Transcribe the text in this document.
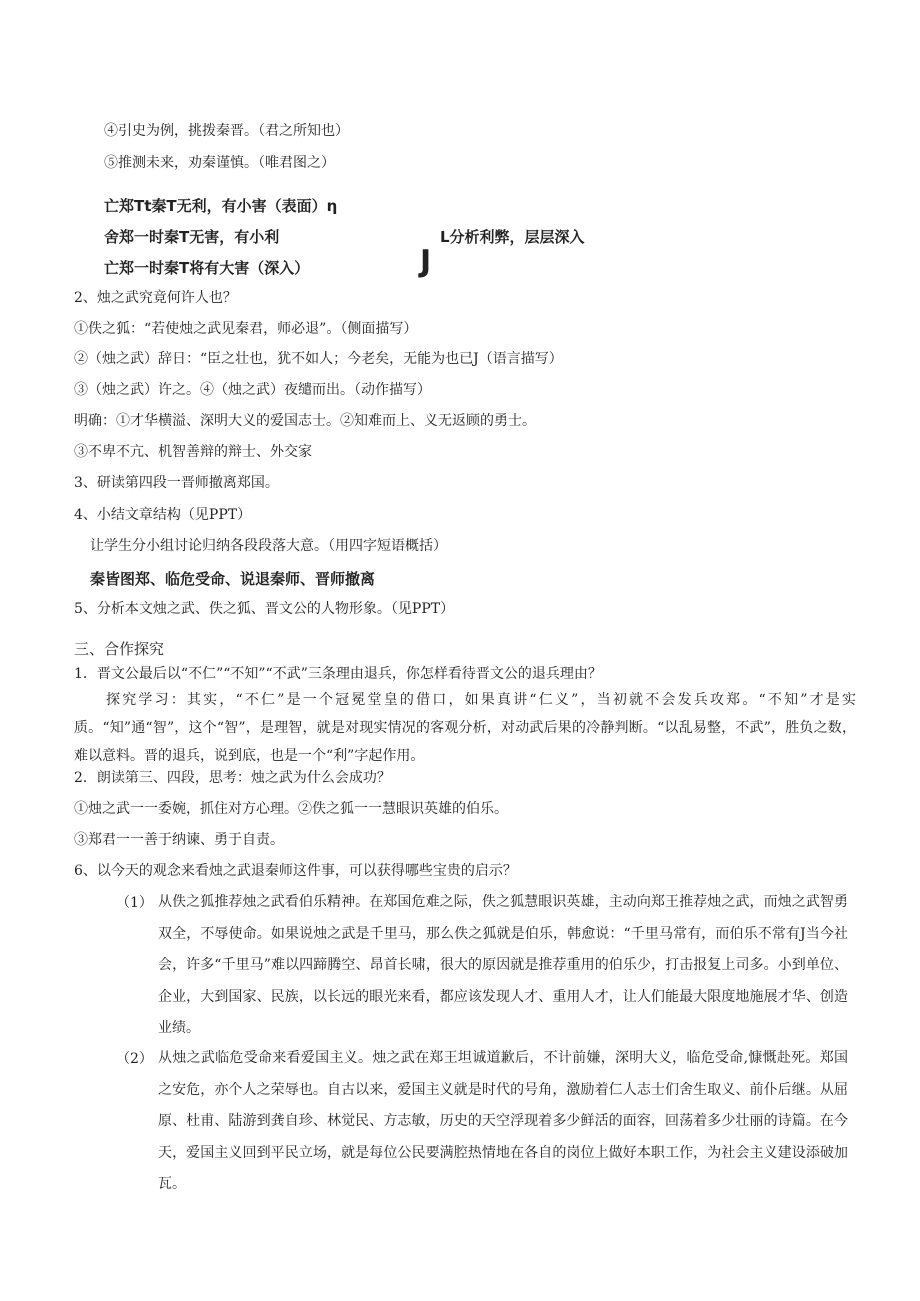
④引史为例，挑拨秦晋。（君之所知也）
⑤推测未来，劝秦谨慎。（唯君图之）
亡郑Tt秦T无利，有小害（表面）η
舍郑一时秦T无害，有小利	L分析利弊，层层深入
亡郑一时秦T将有大害（深入）	J
2、烛之武究竟何许人也？
①佚之狐：“若使烛之武见秦君，师必退”。（侧面描写）
②（烛之武）辞日：“臣之壮也，犹不如人；今老矣，无能为也已J（语言描写）
③（烛之武）许之。④（烛之武）夜缱而出。（动作描写）
明确：①才华横溢、深明大义的爱国志士。②知难而上、义无返顾的勇士。
③不卑不亢、机智善辩的辩士、外交家
3、研读第四段一晋师撤离郑国。
4、小结文章结构（见PPT）
让学生分小组讨论归纳各段段落大意。（用四字短语概括）
秦皆图郑、临危受命、说退秦师、晋师撤离
5、分析本文烛之武、佚之狐、晋文公的人物形象。（见PPT）
三、合作探究
1．晋文公最后以“不仁”“不知”“不武”三条理由退兵，你怎样看待晋文公的退兵理由？
探究学习：其实，“不仁”是一个冠冕堂皇的借口，如果真讲“仁义”，当初就不会发兵攻郑。“不知”才是实质。“知”通“智”，这个“智”，是理智，就是对现实情况的客观分析，对动武后果的冷静判断。“以乱易整，不武”，胜负之数，难以意料。晋的退兵，说到底，也是一个“利”字起作用。
2．朗读第三、四段，思考：烛之武为什么会成功？
①烛之武一一委婉，抓住对方心理。②佚之狐一一慧眼识英雄的伯乐。
③郑君一一善于纳谏、勇于自责。
6、以今天的观念来看烛之武退秦师这件事，可以获得哪些宝贵的启示？
（1） 从佚之狐推荐烛之武看伯乐精神。在郑国危难之际，佚之狐慧眼识英雄，主动向郑王推荐烛之武，而烛之武智勇双全，不辱使命。如果说烛之武是千里马，那么佚之狐就是伯乐，韩愈说：“千里马常有，而伯乐不常有J当今社会，许多“千里马”难以四蹄腾空、昂首长啸，很大的原因就是推荐重用的伯乐少，打击报复上司多。小到单位、企业，大到国家、民族，以长远的眼光来看，都应该发现人才、重用人才，让人们能最大限度地施展才华、创造业绩。
（2） 从烛之武临危受命来看爱国主义。烛之武在郑王坦诚道歉后，不计前嫌，深明大义，临危受命,慷慨赴死。郑国之安危，亦个人之荣辱也。自古以来，爱国主义就是时代的号角，激励着仁人志士们舍生取义、前仆后继。从屈原、杜甫、陆游到龚自珍、林觉民、方志敏，历史的天空浮现着多少鲜活的面容，回荡着多少壮丽的诗篇。在今天，爱国主义回到平民立场，就是每位公民要满腔热情地在各自的岗位上做好本职工作，为社会主义建设添破加瓦。
